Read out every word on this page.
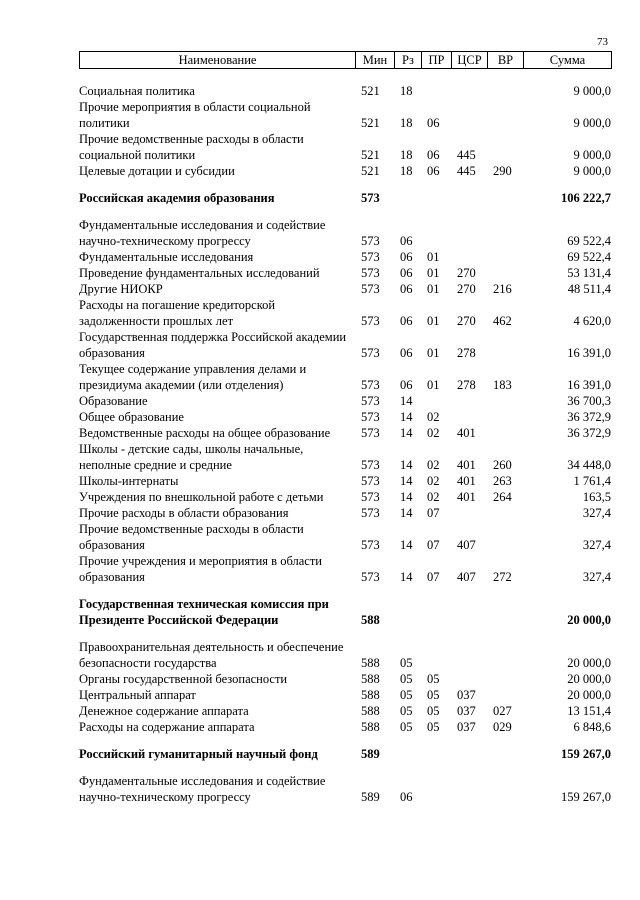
73
Наименование	Мин	Рз	ПР	ЦСР	ВР	Сумма
Социальная политика	521	18				9 000,0
Прочие мероприятия в области социальной политики	521	18	06			9 000,0
Прочие ведомственные расходы в области социальной политики	521	18	06	445		9 000,0
Целевые дотации и субсидии	521	18	06	445	290	9 000,0

Российская академия образования	573					106 222,7

Фундаментальные исследования и содействие научно-техническому прогрессу	573	06				69 522,4
Фундаментальные исследования	573	06	01			69 522,4
Проведение фундаментальных исследований	573	06	01	270		53 131,4
Другие НИОКР	573	06	01	270	216	48 511,4
Расходы на погашение кредиторской задолженности прошлых лет	573	06	01	270	462	4 620,0
Государственная поддержка Российской академии образования	573	06	01	278		16 391,0
Текущее содержание управления делами и президиума академии (или отделения)	573	06	01	278	183	16 391,0
Образование	573	14				36 700,3
Общее образование	573	14	02			36 372,9
Ведомственные расходы на общее образование	573	14	02	401		36 372,9
Школы - детские сады, школы начальные, неполные средние и средние	573	14	02	401	260	34 448,0
Школы-интернаты	573	14	02	401	263	1 761,4
Учреждения по внешкольной работе с детьми	573	14	02	401	264	163,5
Прочие расходы в области образования	573	14	07			327,4
Прочие ведомственные расходы в области образования	573	14	07	407		327,4
Прочие учреждения и мероприятия в области образования	573	14	07	407	272	327,4

Государственная техническая комиссия при Президенте Российской Федерации	588					20 000,0

Правоохранительная деятельность и обеспечение безопасности государства	588	05				20 000,0
Органы государственной безопасности	588	05	05			20 000,0
Центральный аппарат	588	05	05	037		20 000,0
Денежное содержание аппарата	588	05	05	037	027	13 151,4
Расходы на содержание аппарата	588	05	05	037	029	6 848,6

Российский гуманитарный научный фонд	589					159 267,0

Фундаментальные исследования и содействие научно-техническому прогрессу	589	06				159 267,0
